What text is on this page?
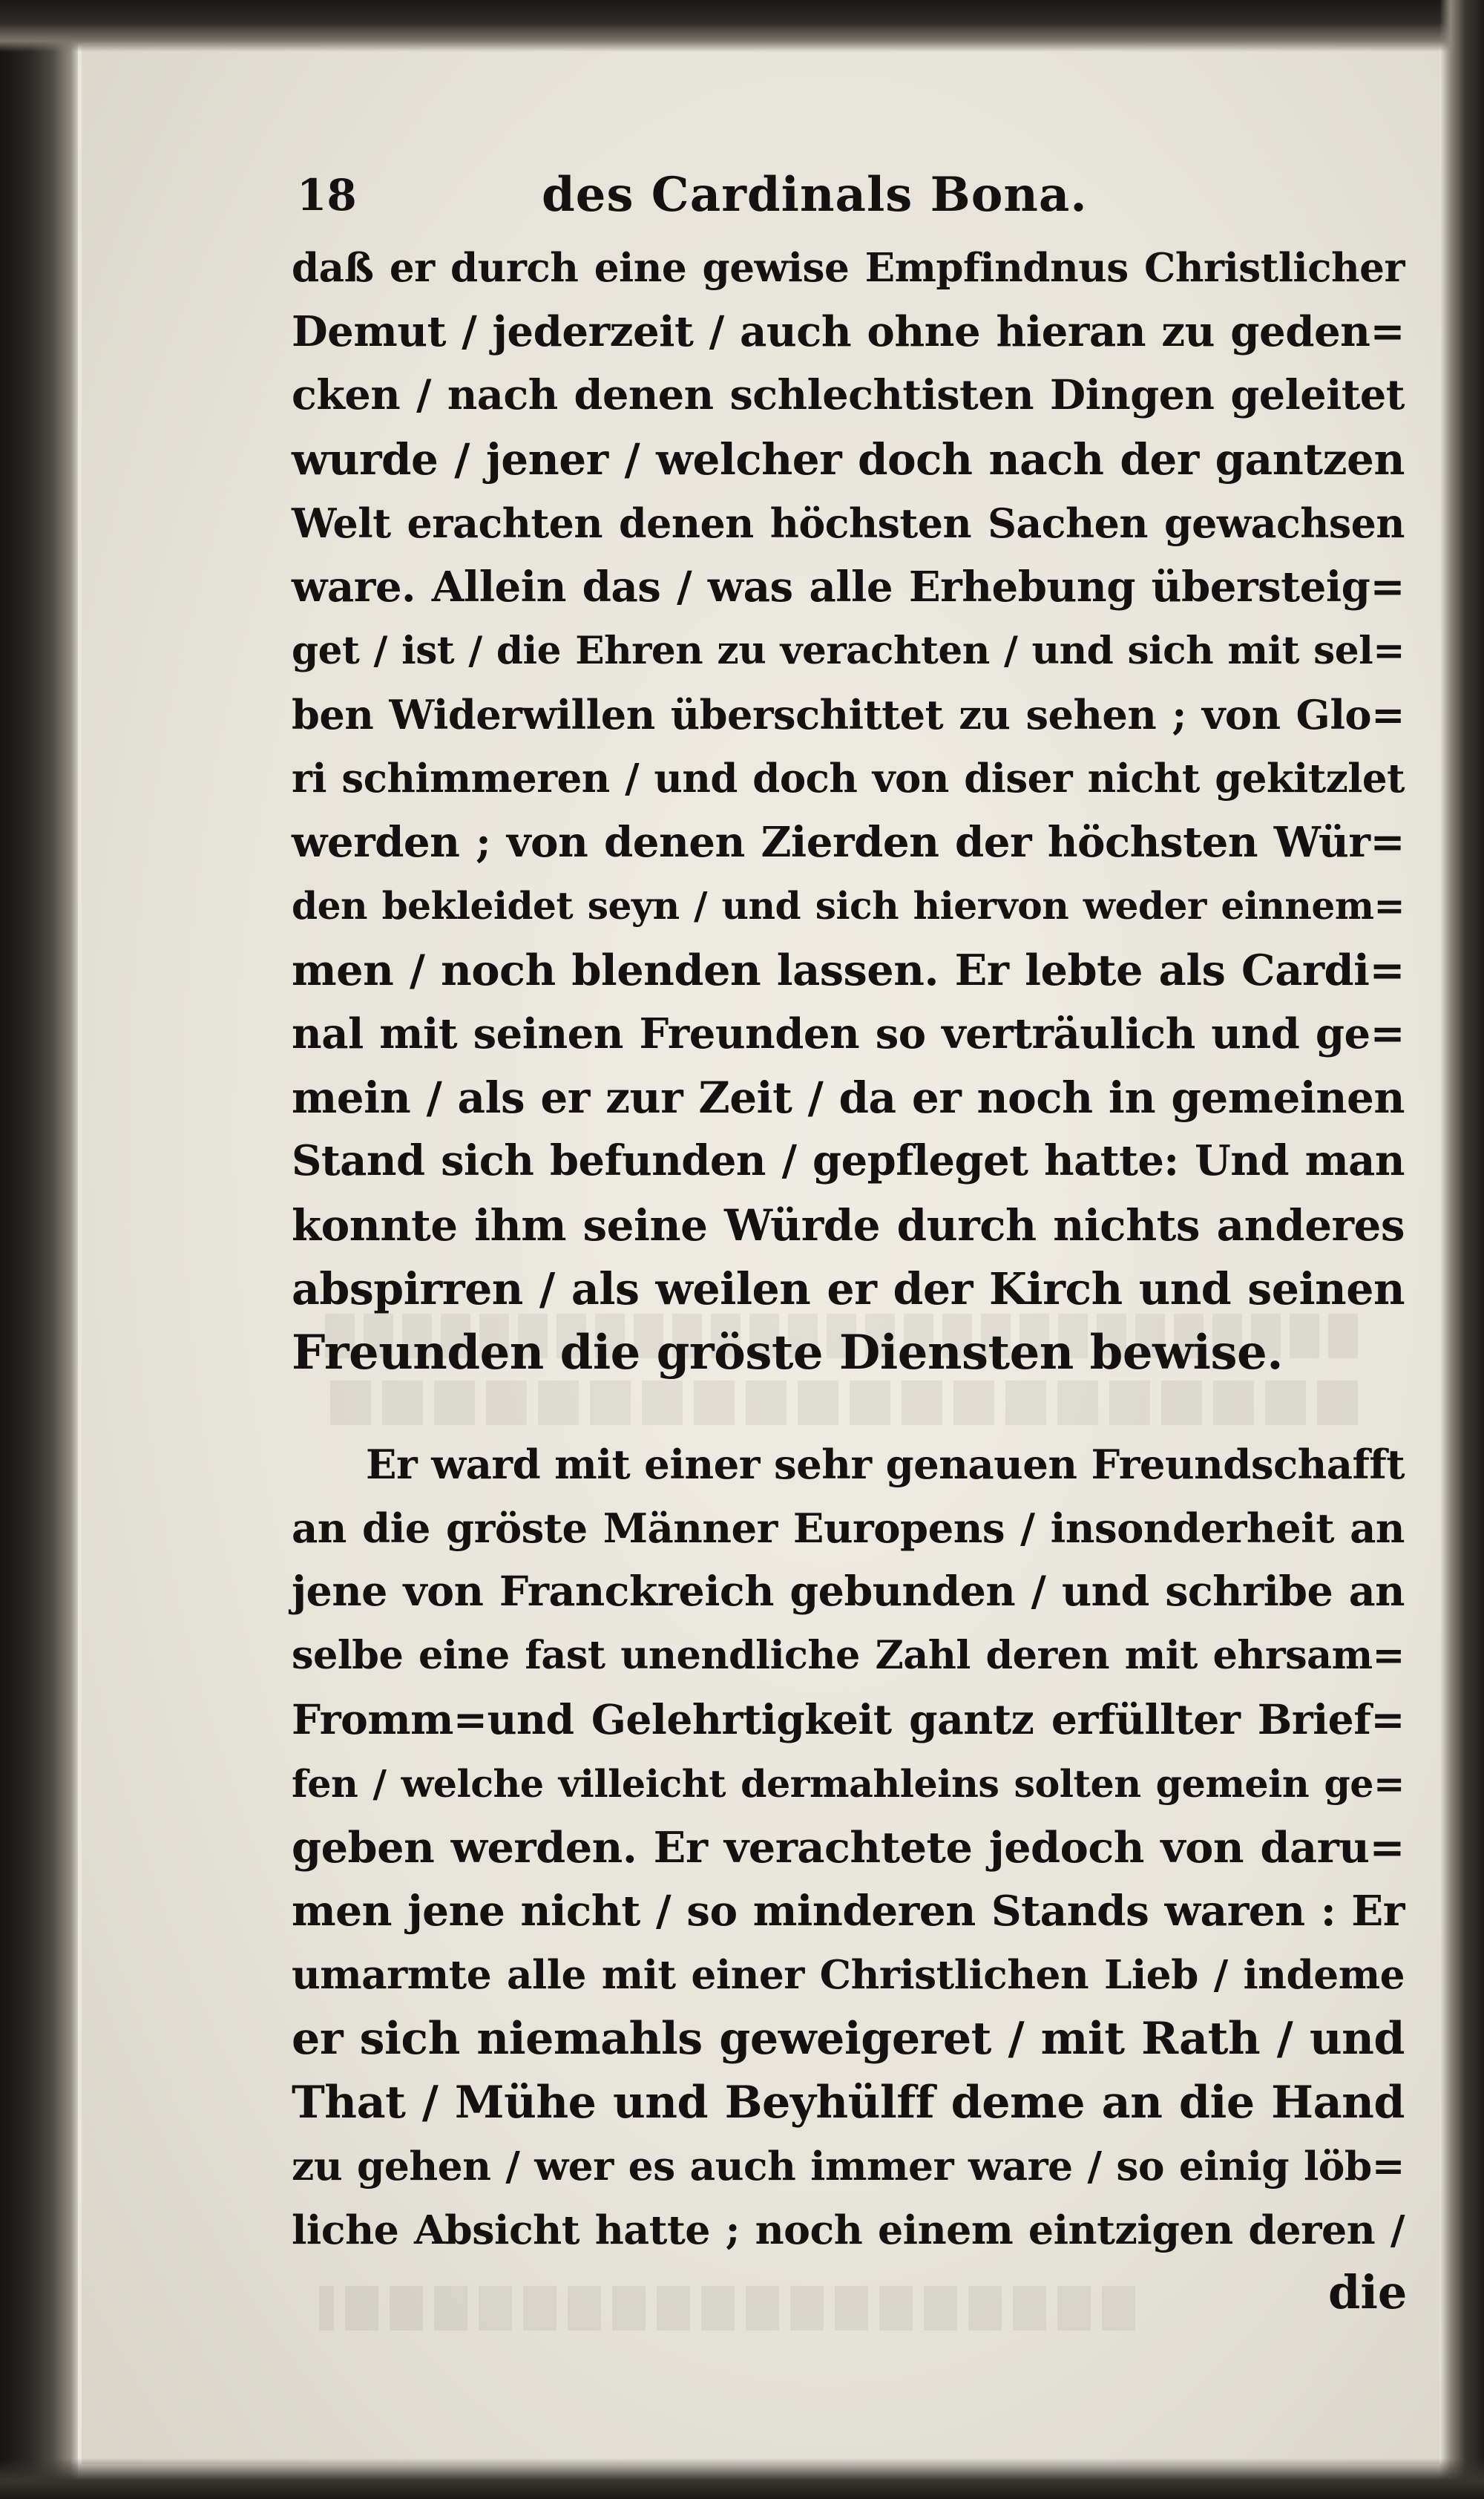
18	des Cardinals Bona.
daß er durch eine gewise Empfindnus Christlicher
Demut / jederzeit / auch ohne hieran zu geden=
cken / nach denen schlechtisten Dingen geleitet
wurde / jener / welcher doch nach der gantzen
Welt erachten denen höchsten Sachen gewachsen
ware. Allein das / was alle Erhebung übersteig=
get / ist / die Ehren zu verachten / und sich mit sel=
ben Widerwillen überschittet zu sehen ; von Glo=
ri schimmeren / und doch von diser nicht gekitzlet
werden ; von denen Zierden der höchsten Wür=
den bekleidet seyn / und sich hiervon weder einnem=
men / noch blenden lassen. Er lebte als Cardi=
nal mit seinen Freunden so verträulich und ge=
mein / als er zur Zeit / da er noch in gemeinen
Stand sich befunden / gepfleget hatte: Und man
konnte ihm seine Würde durch nichts anderes
abspirren / als weilen er der Kirch und seinen
Freunden die gröste Diensten bewise.
Er ward mit einer sehr genauen Freundschafft
an die gröste Männer Europens / insonderheit an
jene von Franckreich gebunden / und schribe an
selbe eine fast unendliche Zahl deren mit ehrsam=
Fromm=und Gelehrtigkeit gantz erfüllter Brief=
fen / welche villeicht dermahleins solten gemein ge=
geben werden. Er verachtete jedoch von daru=
men jene nicht / so minderen Stands waren : Er
umarmte alle mit einer Christlichen Lieb / indeme
er sich niemahls geweigeret / mit Rath / und
That / Mühe und Beyhülff deme an die Hand
zu gehen / wer es auch immer ware / so einig löb=
liche Absicht hatte ; noch einem eintzigen deren /
die
